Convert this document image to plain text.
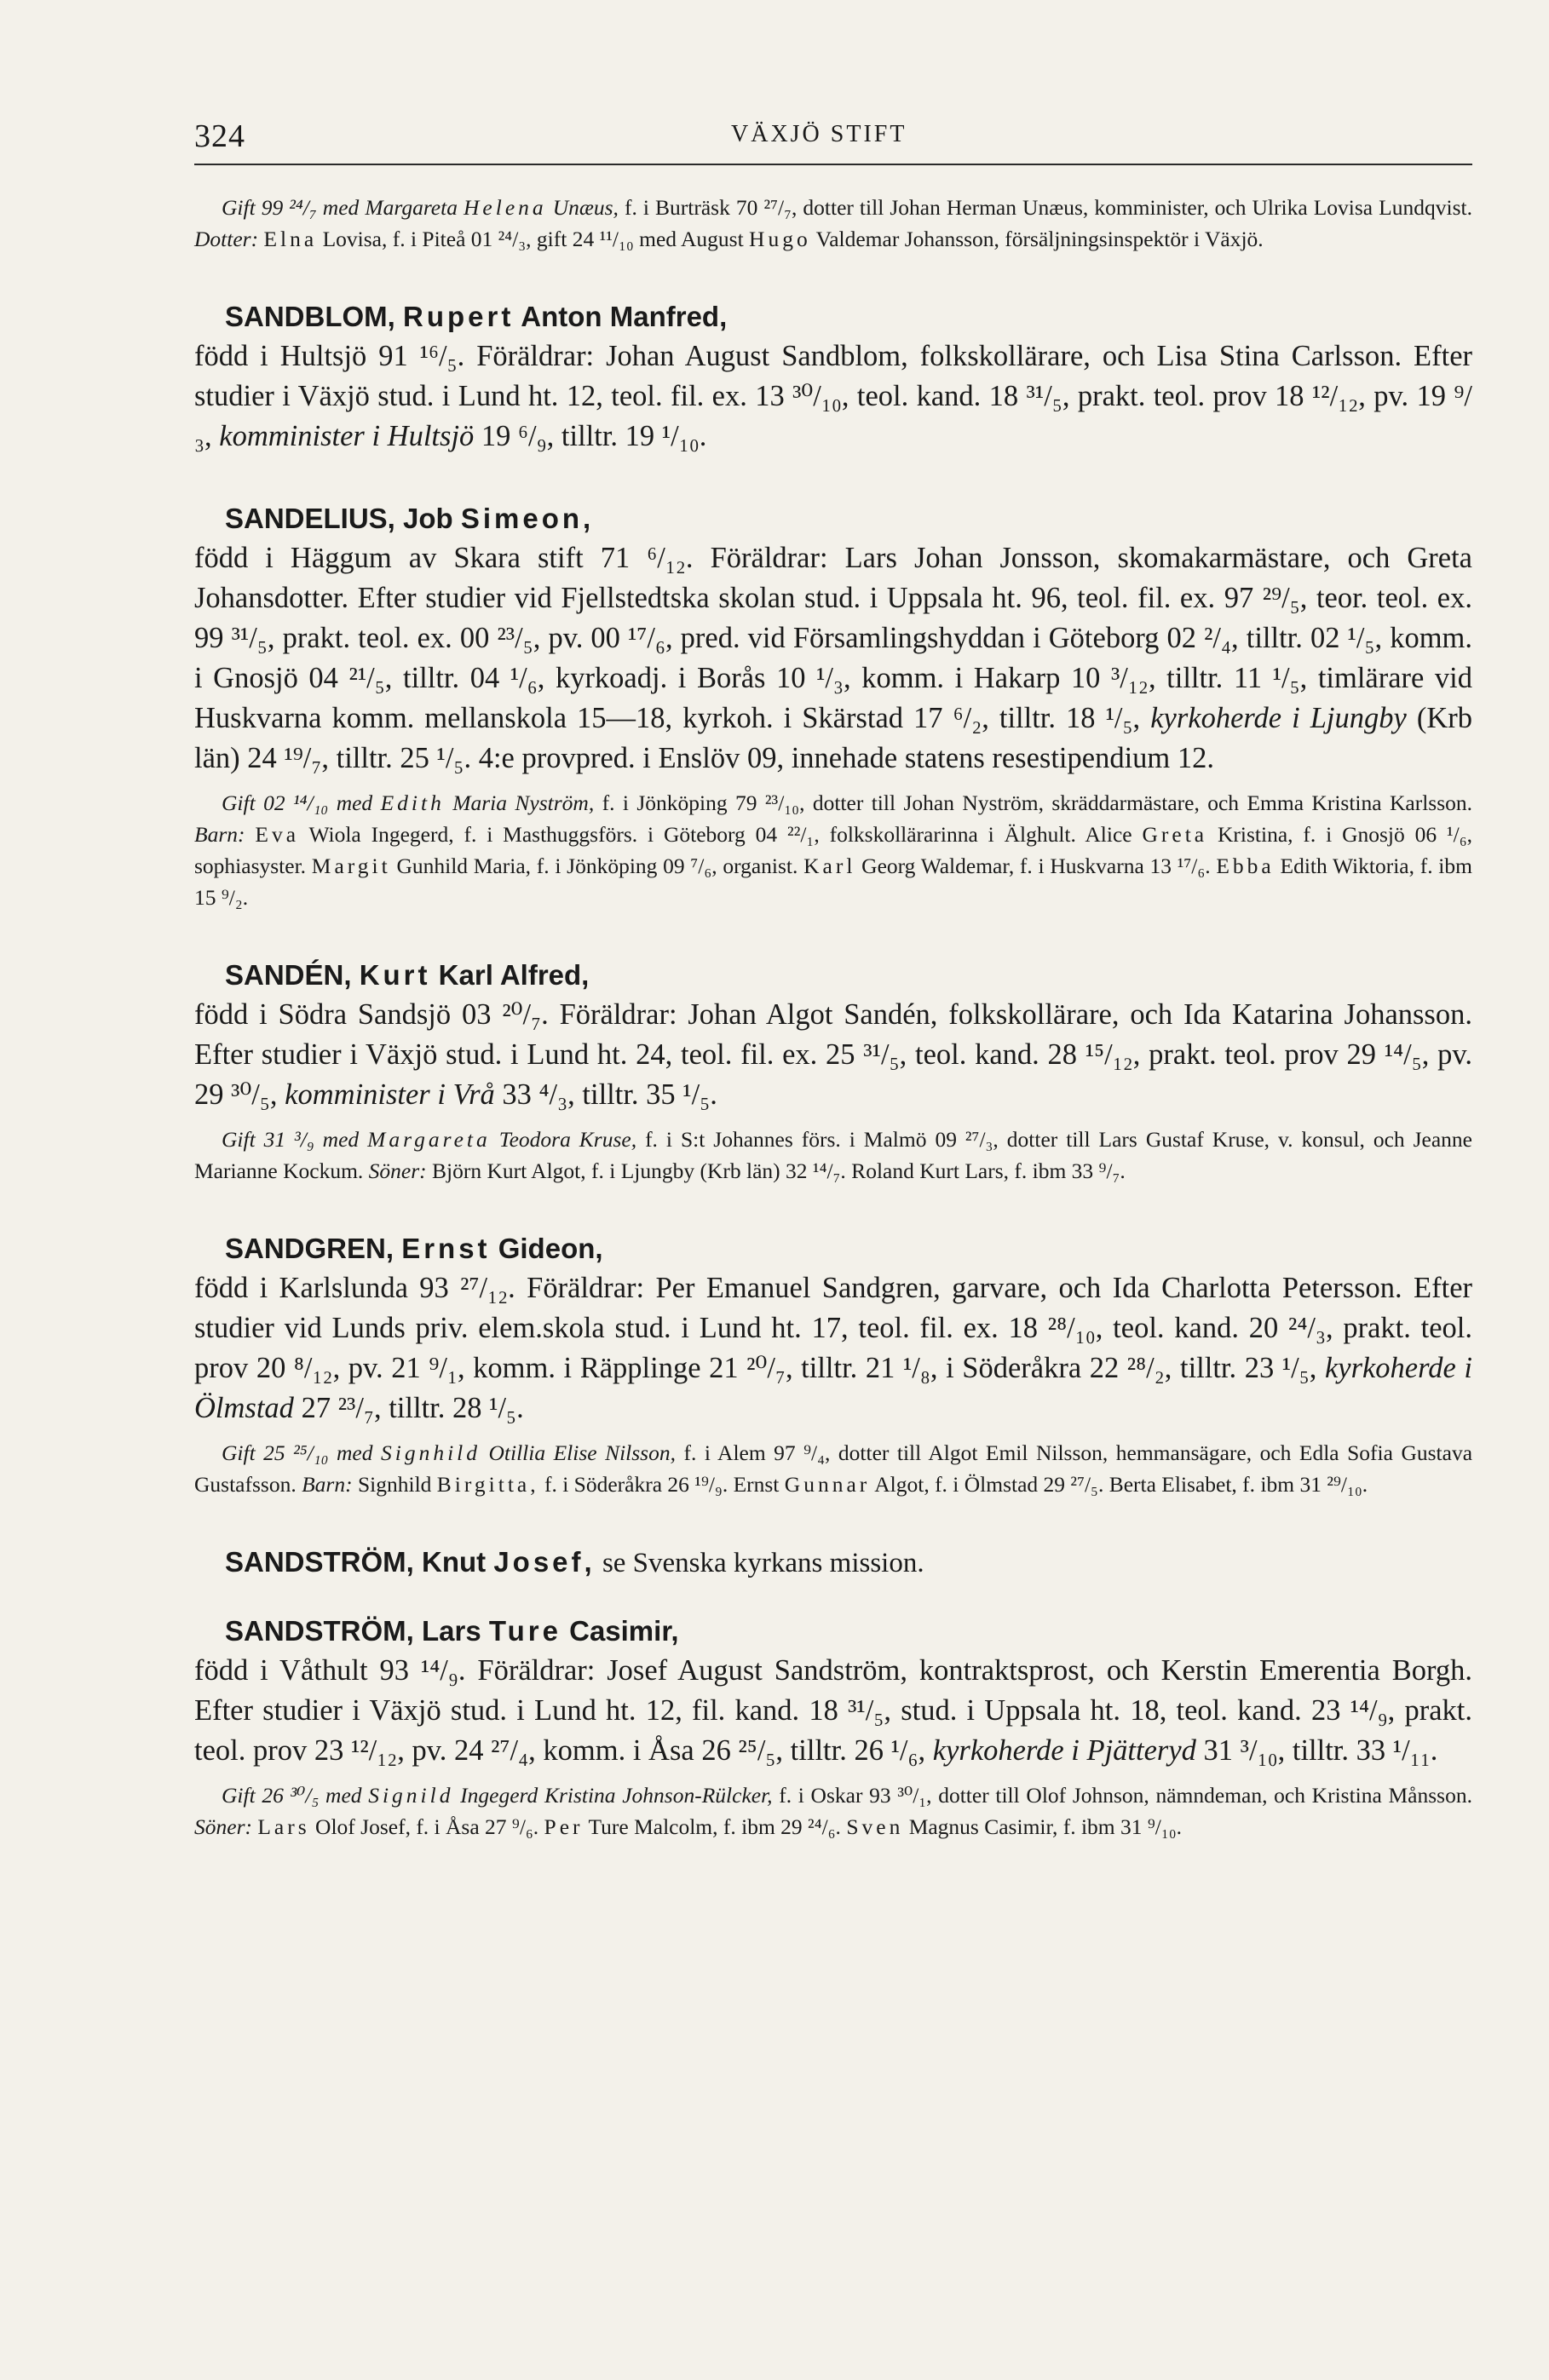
324	VÄXJÖ STIFT

Gift 99 ²⁴/₇ med Margareta Helena Unæus, f. i Burträsk 70 ²⁷/₇, dotter till Johan Herman Unæus, komminister, och Ulrika Lovisa Lundqvist. Dotter: Elna Lovisa, f. i Piteå 01 ²⁴/₃, gift 24 ¹¹/₁₀ med August Hugo Valdemar Johansson, försäljningsinspektör i Växjö.

SANDBLOM, Rupert Anton Manfred,

född i Hultsjö 91 ¹⁶/₅. Föräldrar: Johan August Sandblom, folkskollärare, och Lisa Stina Carlsson. Efter studier i Växjö stud. i Lund ht. 12, teol. fil. ex. 13 ³⁰/₁₀, teol. kand. 18 ³¹/₅, prakt. teol. prov 18 ¹²/₁₂, pv. 19 ⁹/₃, komminister i Hultsjö 19 ⁶/₉, tilltr. 19 ¹/₁₀.

SANDELIUS, Job Simeon,

född i Häggum av Skara stift 71 ⁶/₁₂. Föräldrar: Lars Johan Jonsson, skomakarmästare, och Greta Johansdotter. Efter studier vid Fjellstedtska skolan stud. i Uppsala ht. 96, teol. fil. ex. 97 ²⁹/₅, teor. teol. ex. 99 ³¹/₅, prakt. teol. ex. 00 ²³/₅, pv. 00 ¹⁷/₆, pred. vid Församlingshyddan i Göteborg 02 ²/₄, tilltr. 02 ¹/₅, komm. i Gnosjö 04 ²¹/₅, tilltr. 04 ¹/₆, kyrkoadj. i Borås 10 ¹/₃, komm. i Hakarp 10 ³/₁₂, tilltr. 11 ¹/₅, timlärare vid Huskvarna komm. mellanskola 15—18, kyrkoh. i Skärstad 17 ⁶/₂, tilltr. 18 ¹/₅, kyrkoherde i Ljungby (Krb län) 24 ¹⁹/₇, tilltr. 25 ¹/₅. 4:e provpred. i Enslöv 09, innehade statens resestipendium 12.

Gift 02 ¹⁴/₁₀ med Edith Maria Nyström, f. i Jönköping 79 ²³/₁₀, dotter till Johan Nyström, skräddarmästare, och Emma Kristina Karlsson. Barn: Eva Wiola Ingegerd, f. i Masthuggsförs. i Göteborg 04 ²²/₁, folkskollärarinna i Älghult. Alice Greta Kristina, f. i Gnosjö 06 ¹/₆, sophiasyster. Margit Gunhild Maria, f. i Jönköping 09 ⁷/₆, organist. Karl Georg Waldemar, f. i Huskvarna 13 ¹⁷/₆. Ebba Edith Wiktoria, f. ibm 15 ⁹/₂.

SANDÉN, Kurt Karl Alfred,

född i Södra Sandsjö 03 ²⁰/₇. Föräldrar: Johan Algot Sandén, folkskollärare, och Ida Katarina Johansson. Efter studier i Växjö stud. i Lund ht. 24, teol. fil. ex. 25 ³¹/₅, teol. kand. 28 ¹⁵/₁₂, prakt. teol. prov 29 ¹⁴/₅, pv. 29 ³⁰/₅, komminister i Vrå 33 ⁴/₃, tilltr. 35 ¹/₅.

Gift 31 ³/₉ med Margareta Teodora Kruse, f. i S:t Johannes förs. i Malmö 09 ²⁷/₃, dotter till Lars Gustaf Kruse, v. konsul, och Jeanne Marianne Kockum. Söner: Björn Kurt Algot, f. i Ljungby (Krb län) 32 ¹⁴/₇. Roland Kurt Lars, f. ibm 33 ⁹/₇.

SANDGREN, Ernst Gideon,

född i Karlslunda 93 ²⁷/₁₂. Föräldrar: Per Emanuel Sandgren, garvare, och Ida Charlotta Petersson. Efter studier vid Lunds priv. elem.skola stud. i Lund ht. 17, teol. fil. ex. 18 ²⁸/₁₀, teol. kand. 20 ²⁴/₃, prakt. teol. prov 20 ⁸/₁₂, pv. 21 ⁹/₁, komm. i Räpplinge 21 ²⁰/₇, tilltr. 21 ¹/₈, i Söderåkra 22 ²⁸/₂, tilltr. 23 ¹/₅, kyrkoherde i Ölmstad 27 ²³/₇, tilltr. 28 ¹/₅.

Gift 25 ²⁵/₁₀ med Signhild Otillia Elise Nilsson, f. i Alem 97 ⁹/₄, dotter till Algot Emil Nilsson, hemmansägare, och Edla Sofia Gustava Gustafsson. Barn: Signhild Birgitta, f. i Söderåkra 26 ¹⁹/₉. Ernst Gunnar Algot, f. i Ölmstad 29 ²⁷/₅. Berta Elisabet, f. ibm 31 ²⁹/₁₀.

SANDSTRÖM, Knut Josef, se Svenska kyrkans mission.
SANDSTRÖM, Lars Ture Casimir,

född i Våthult 93 ¹⁴/₉. Föräldrar: Josef August Sandström, kontraktsprost, och Kerstin Emerentia Borgh. Efter studier i Växjö stud. i Lund ht. 12, fil. kand. 18 ³¹/₅, stud. i Uppsala ht. 18, teol. kand. 23 ¹⁴/₉, prakt. teol. prov 23 ¹²/₁₂, pv. 24 ²⁷/₄, komm. i Åsa 26 ²⁵/₅, tilltr. 26 ¹/₆, kyrkoherde i Pjätteryd 31 ³/₁₀, tilltr. 33 ¹/₁₁.

Gift 26 ³⁰/₅ med Signild Ingegerd Kristina Johnson-Rülcker, f. i Oskar 93 ³⁰/₁, dotter till Olof Johnson, nämndeman, och Kristina Månsson. Söner: Lars Olof Josef, f. i Åsa 27 ⁹/₆. Per Ture Malcolm, f. ibm 29 ²⁴/₆. Sven Magnus Casimir, f. ibm 31 ⁹/₁₀.
